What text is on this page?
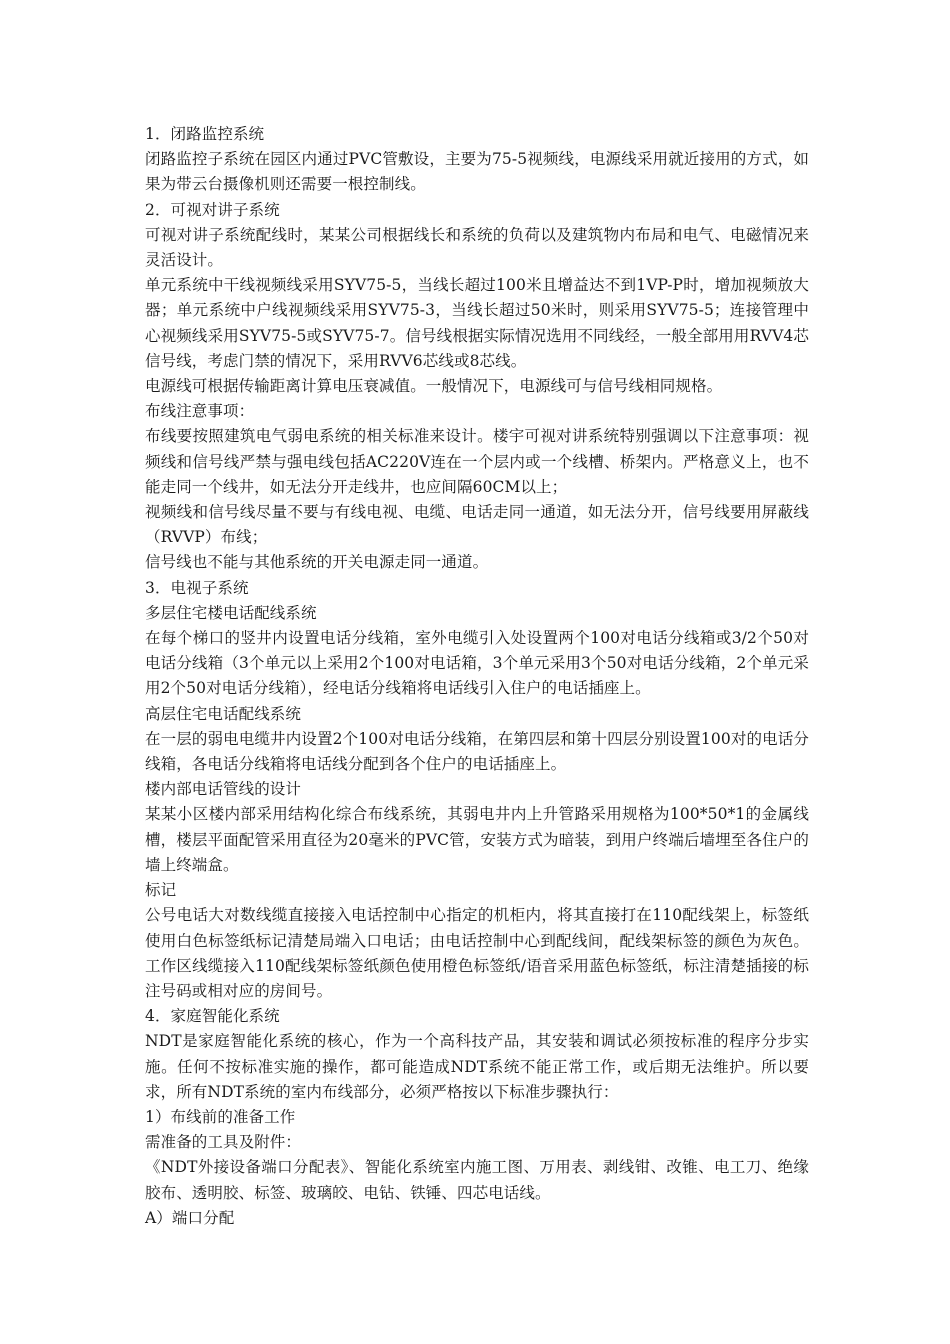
1．闭路监控系统

闭路监控子系统在园区内通过PVC管敷设，主要为75-5视频线，电源线采用就近接用的方式，如果为带云台摄像机则还需要一根控制线。

2．可视对讲子系统

可视对讲子系统配线时，某某公司根据线长和系统的负荷以及建筑物内布局和电气、电磁情况来灵活设计。

单元系统中干线视频线采用SYV75-5，当线长超过100米且增益达不到1VP-P时，增加视频放大器；单元系统中户线视频线采用SYV75-3，当线长超过50米时，则采用SYV75-5；连接管理中心视频线采用SYV75-5或SYV75-7。信号线根据实际情况选用不同线经，一般全部用用RVV4芯信号线，考虑门禁的情况下，采用RVV6芯线或8芯线。

电源线可根据传输距离计算电压衰减值。一般情况下，电源线可与信号线相同规格。

布线注意事项：

布线要按照建筑电气弱电系统的相关标准来设计。楼宇可视对讲系统特别强调以下注意事项：视频线和信号线严禁与强电线包括AC220V连在一个层内或一个线槽、桥架内。严格意义上，也不能走同一个线井，如无法分开走线井，也应间隔60CM以上；

视频线和信号线尽量不要与有线电视、电缆、电话走同一通道，如无法分开，信号线要用屏蔽线（RVVP）布线；

信号线也不能与其他系统的开关电源走同一通道。

3．电视子系统

多层住宅楼电话配线系统

在每个梯口的竖井内设置电话分线箱，室外电缆引入处设置两个100对电话分线箱或3/2个50对电话分线箱（3个单元以上采用2个100对电话箱，3个单元采用3个50对电话分线箱，2个单元采用2个50对电话分线箱），经电话分线箱将电话线引入住户的电话插座上。

高层住宅电话配线系统

在一层的弱电电缆井内设置2个100对电话分线箱，在第四层和第十四层分别设置100对的电话分线箱，各电话分线箱将电话线分配到各个住户的电话插座上。

楼内部电话管线的设计

某某小区楼内部采用结构化综合布线系统，其弱电井内上升管路采用规格为100*50*1的金属线槽，楼层平面配管采用直径为20毫米的PVC管，安装方式为暗装，到用户终端后墙埋至各住户的墙上终端盒。

标记

公号电话大对数线缆直接接入电话控制中心指定的机柜内，将其直接打在110配线架上，标签纸使用白色标签纸标记清楚局端入口电话；由电话控制中心到配线间，配线架标签的颜色为灰色。工作区线缆接入110配线架标签纸颜色使用橙色标签纸/语音采用蓝色标签纸，标注清楚插接的标注号码或相对应的房间号。

4．家庭智能化系统

NDT是家庭智能化系统的核心，作为一个高科技产品，其安装和调试必须按标准的程序分步实施。任何不按标准实施的操作，都可能造成NDT系统不能正常工作，或后期无法维护。所以要求，所有NDT系统的室内布线部分，必须严格按以下标准步骤执行：

1）布线前的准备工作

需准备的工具及附件：

《NDT外接设备端口分配表》、智能化系统室内施工图、万用表、剥线钳、改锥、电工刀、绝缘胶布、透明胶、标签、玻璃皎、电钻、铁锤、四芯电话线。

A）端口分配
